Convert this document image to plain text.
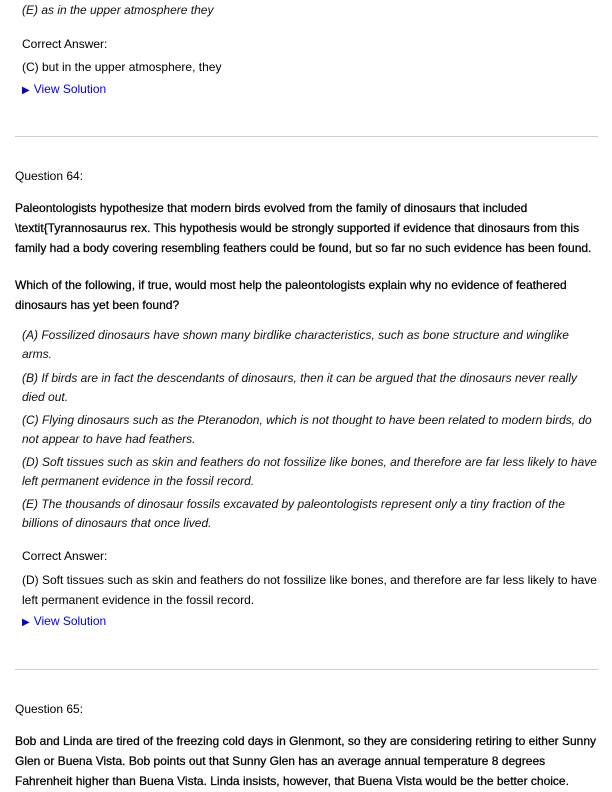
(E) as in the upper atmosphere they
Correct Answer:
(C) but in the upper atmosphere, they
▶ View Solution
Question 64:
Paleontologists hypothesize that modern birds evolved from the family of dinosaurs that included \textit{Tyrannosaurus rex. This hypothesis would be strongly supported if evidence that dinosaurs from this family had a body covering resembling feathers could be found, but so far no such evidence has been found.
Which of the following, if true, would most help the paleontologists explain why no evidence of feathered dinosaurs has yet been found?
(A) Fossilized dinosaurs have shown many birdlike characteristics, such as bone structure and winglike arms.
(B) If birds are in fact the descendants of dinosaurs, then it can be argued that the dinosaurs never really died out.
(C) Flying dinosaurs such as the Pteranodon, which is not thought to have been related to modern birds, do not appear to have had feathers.
(D) Soft tissues such as skin and feathers do not fossilize like bones, and therefore are far less likely to have left permanent evidence in the fossil record.
(E) The thousands of dinosaur fossils excavated by paleontologists represent only a tiny fraction of the billions of dinosaurs that once lived.
Correct Answer:
(D) Soft tissues such as skin and feathers do not fossilize like bones, and therefore are far less likely to have left permanent evidence in the fossil record.
▶ View Solution
Question 65:
Bob and Linda are tired of the freezing cold days in Glenmont, so they are considering retiring to either Sunny Glen or Buena Vista. Bob points out that Sunny Glen has an average annual temperature 8 degrees Fahrenheit higher than Buena Vista. Linda insists, however, that Buena Vista would be the better choice.
